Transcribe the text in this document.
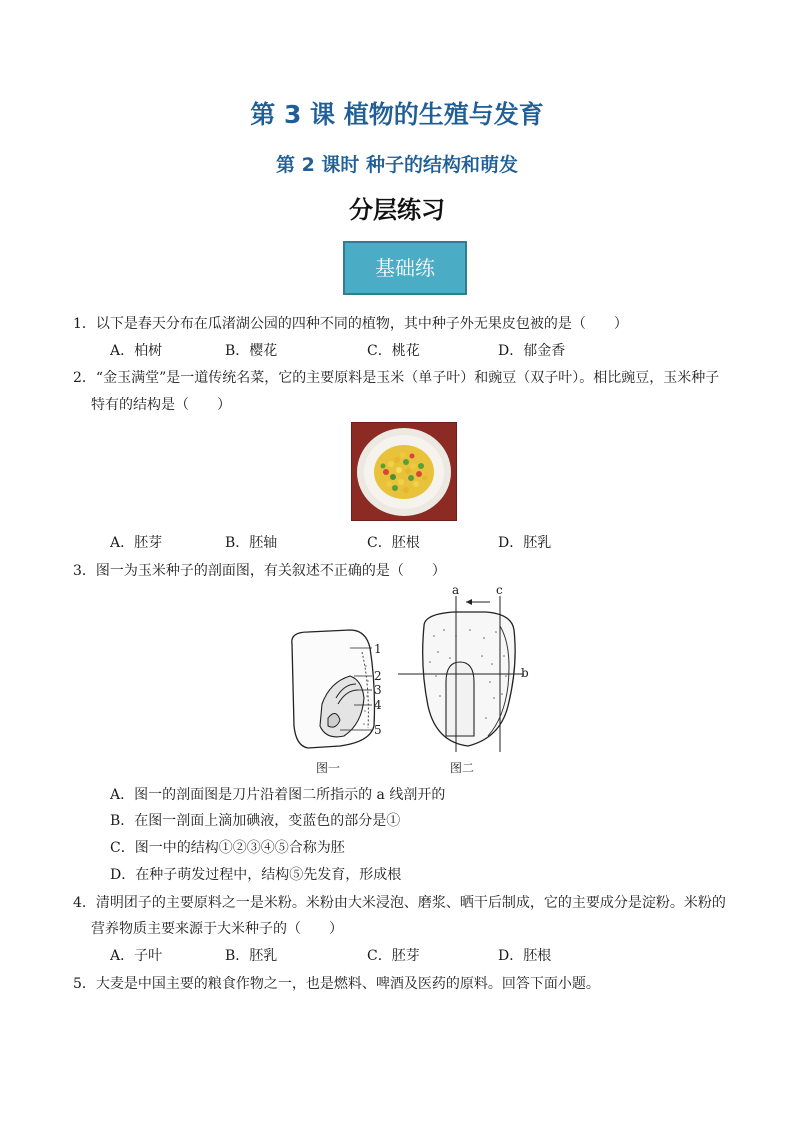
第 3 课 植物的生殖与发育
第 2 课时 种子的结构和萌发
分层练习
基础练
1．以下是春天分布在瓜渚湖公园的四种不同的植物，其中种子外无果皮包被的是（　　）
A．柏树	B．樱花	C．桃花	D．郁金香
2．“金玉满堂”是一道传统名菜，它的主要原料是玉米（单子叶）和豌豆（双子叶）。相比豌豆，玉米种子
特有的结构是（　　）
A．胚芽	B．胚轴	C．胚根	D．胚乳
3．图一为玉米种子的剖面图，有关叙述不正确的是（　　）
1
2
3
4
5
a	c
b
图一	图二
A．图一的剖面图是刀片沿着图二所指示的 a 线剖开的
B．在图一剖面上滴加碘液，变蓝色的部分是①
C．图一中的结构①②③④⑤合称为胚
D．在种子萌发过程中，结构⑤先发育，形成根
4．清明团子的主要原料之一是米粉。米粉由大米浸泡、磨浆、晒干后制成，它的主要成分是淀粉。米粉的
营养物质主要来源于大米种子的（　　）
A．子叶	B．胚乳	C．胚芽	D．胚根
5．大麦是中国主要的粮食作物之一，也是燃料、啤酒及医药的原料。回答下面小题。
